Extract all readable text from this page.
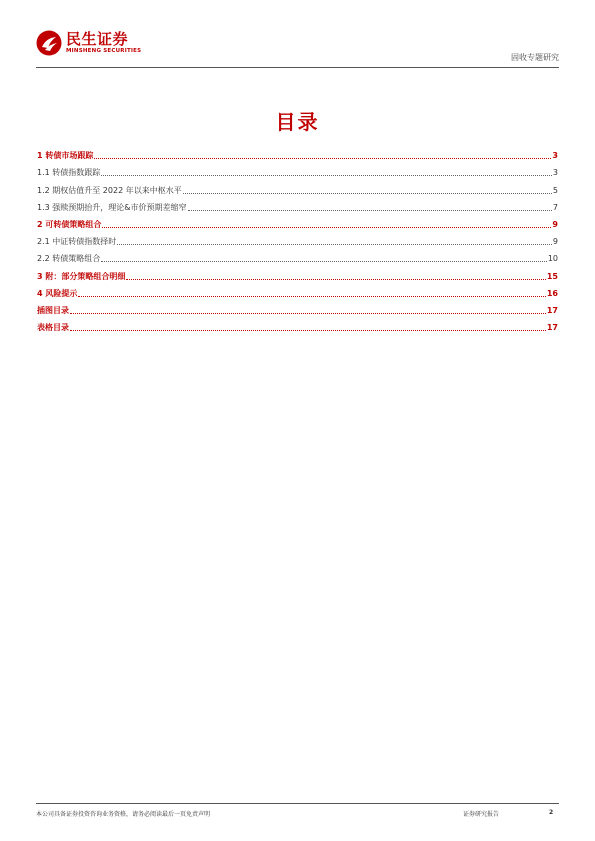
民生证券
MINSHENG SECURITIES
固收专题研究
目录
1 转债市场跟踪	3
1.1 转债指数跟踪	3
1.2 期权估值升至 2022 年以来中枢水平	5
1.3 强赎预期抬升，理论&市价预期差缩窄	7
2 可转债策略组合	9
2.1 中证转债指数择时	9
2.2 转债策略组合	10
3 附：部分策略组合明细	15
4 风险提示	16
插图目录	17
表格目录	17
本公司具备证券投资咨询业务资格，请务必阅读最后一页免责声明	证券研究报告	2
